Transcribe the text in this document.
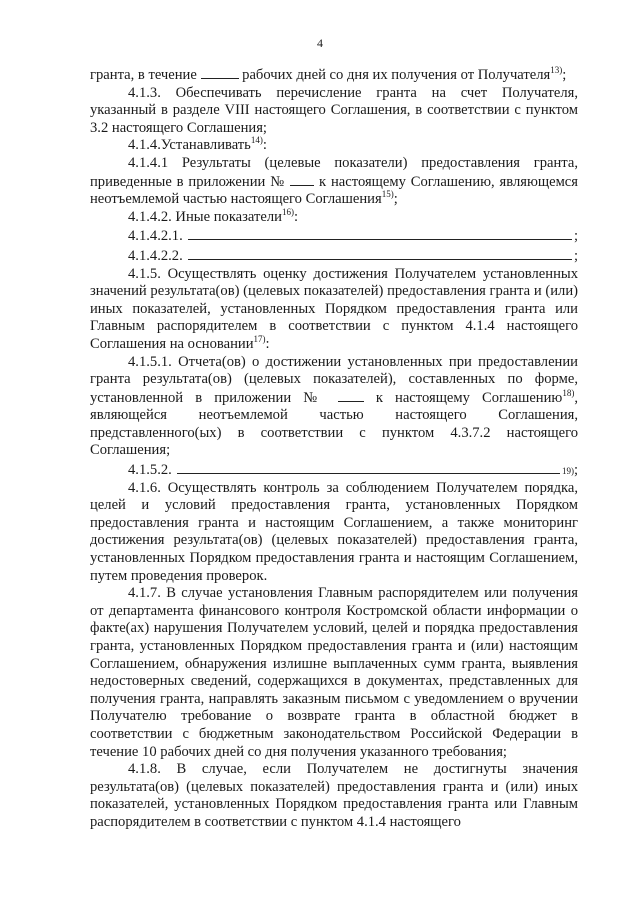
4
гранта, в течение	рабочих дней со дня их получения от Получателя$^{13)}$;
4.1.3. Обеспечивать перечисление гранта на счет Получателя, указанный в разделе VIII настоящего Соглашения, в соответствии с пунктом 3.2 настоящего Соглашения;
4.1.4.Устанавливать$^{14)}$:
4.1.4.1 Результаты (целевые показатели) предоставления гранта, приведенные в приложении №  к настоящему Соглашению, являющемся неотъемлемой частью настоящего Соглашения$^{15)}$;
4.1.4.2. Иные показатели$^{16)}$:
4.1.4.2.1.	;
4.1.4.2.2.	;
4.1.5. Осуществлять оценку достижения Получателем установленных значений результата(ов) (целевых показателей) предоставления гранта и (или) иных показателей, установленных Порядком предоставления гранта или Главным распорядителем в соответствии с пунктом 4.1.4 настоящего Соглашения на основании$^{17)}$:
4.1.5.1. Отчета(ов) о достижении установленных при предоставлении гранта результата(ов) (целевых показателей), составленных по форме, установленной в приложении №  к настоящему Соглашению$^{18)}$, являющейся неотъемлемой частью настоящего Соглашения, представленного(ых) в соответствии с пунктом 4.3.7.2 настоящего Соглашения;
4.1.5.2.	19) ;
4.1.6. Осуществлять контроль за соблюдением Получателем порядка, целей и условий предоставления гранта, установленных Порядком предоставления гранта и настоящим Соглашением, а также мониторинг достижения результата(ов) (целевых показателей) предоставления гранта, установленных Порядком предоставления гранта и настоящим Соглашением, путем проведения проверок.
4.1.7. В случае установления Главным распорядителем или получения от департамента финансового контроля Костромской области информации о факте(ах) нарушения Получателем условий, целей и порядка предоставления гранта, установленных Порядком предоставления гранта и (или) настоящим Соглашением, обнаружения излишне выплаченных сумм гранта, выявления недостоверных сведений, содержащихся в документах, представленных для получения гранта, направлять заказным письмом с уведомлением о вручении Получателю требование о возврате гранта в областной бюджет в соответствии с бюджетным законодательством Российской Федерации в течение 10 рабочих дней со дня получения указанного требования;
4.1.8. В случае, если Получателем не достигнуты значения результата(ов) (целевых показателей) предоставления гранта и (или) иных показателей, установленных Порядком предоставления гранта или Главным распорядителем в соответствии с пунктом 4.1.4 настоящего
